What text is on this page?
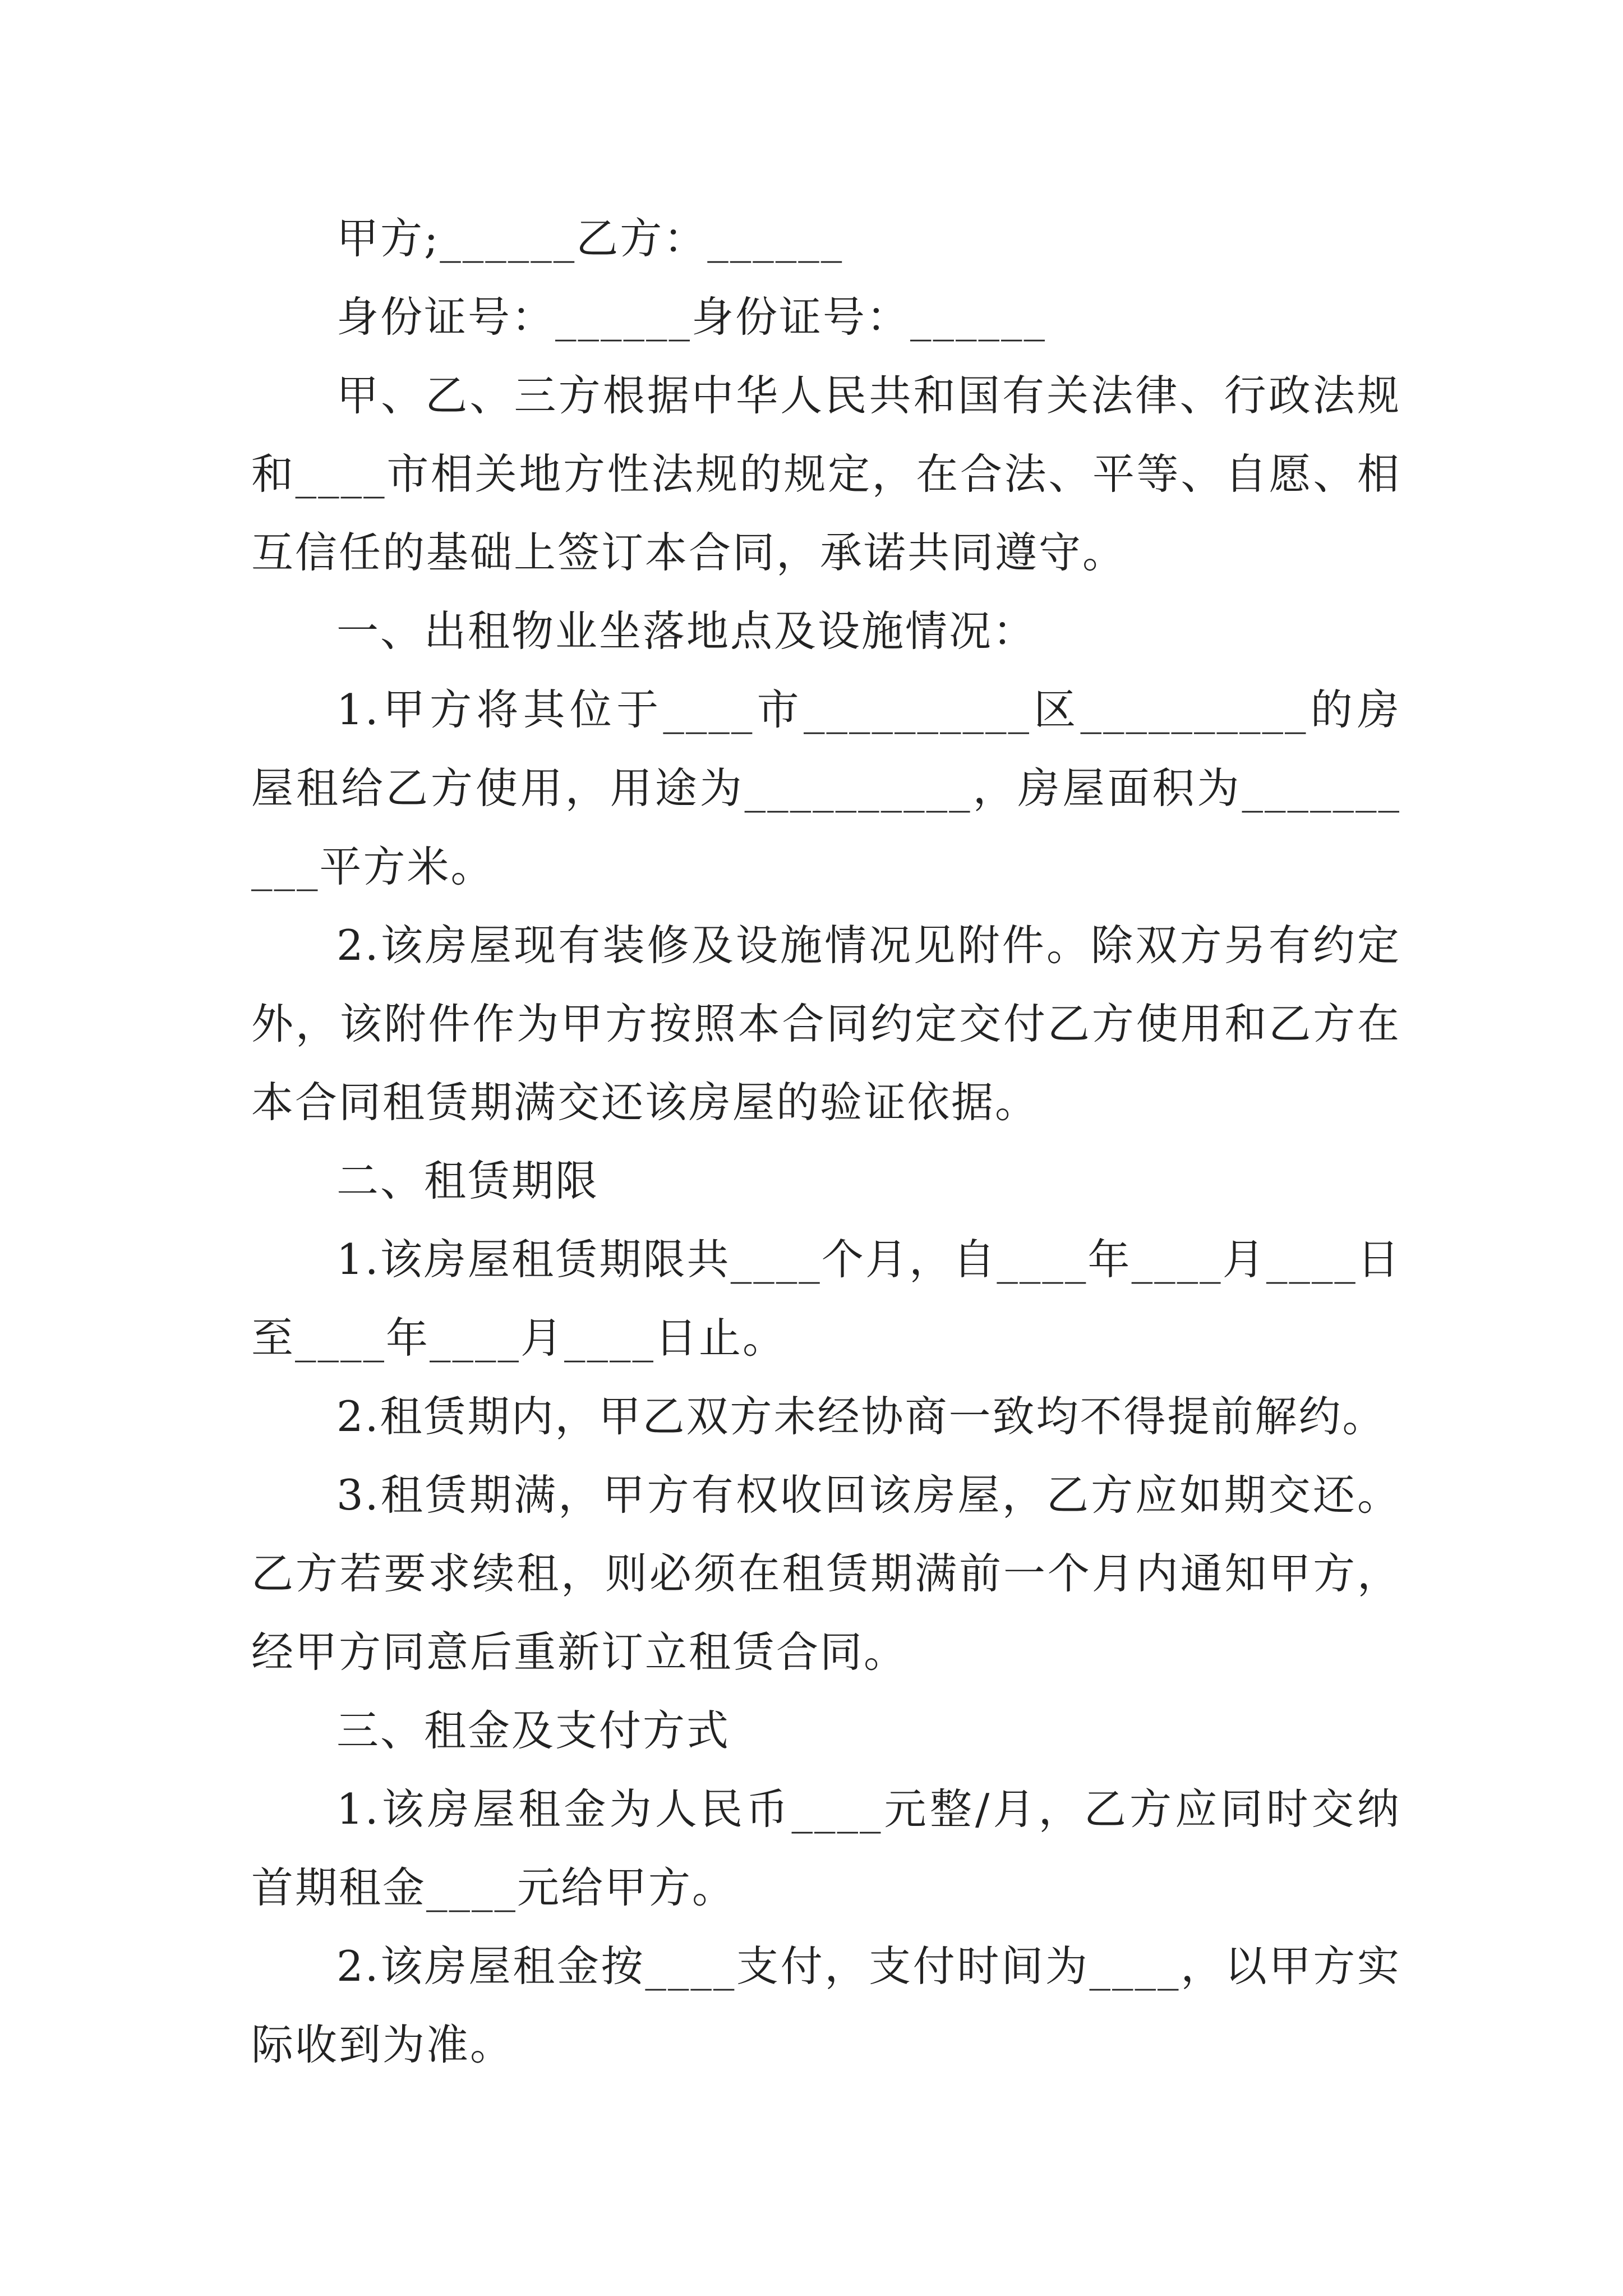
甲方;______乙方：______

身份证号：______身份证号：______

甲、乙、三方根据中华人民共和国有关法律、行政法规和____市相关地方性法规的规定，在合法、平等、自愿、相互信任的基础上签订本合同，承诺共同遵守。

一、出租物业坐落地点及设施情况：

1.甲方将其位于____市__________区__________的房屋租给乙方使用，用途为__________，房屋面积为__________平方米。

2.该房屋现有装修及设施情况见附件。除双方另有约定外，该附件作为甲方按照本合同约定交付乙方使用和乙方在本合同租赁期满交还该房屋的验证依据。

二、租赁期限

1.该房屋租赁期限共____个月，自____年____月____日至____年____月____日止。

2.租赁期内，甲乙双方未经协商一致均不得提前解约。

3.租赁期满，甲方有权收回该房屋，乙方应如期交还。乙方若要求续租，则必须在租赁期满前一个月内通知甲方，经甲方同意后重新订立租赁合同。

三、租金及支付方式

1.该房屋租金为人民币____元整/月，乙方应同时交纳首期租金____元给甲方。

2.该房屋租金按____支付，支付时间为____，以甲方实际收到为准。
